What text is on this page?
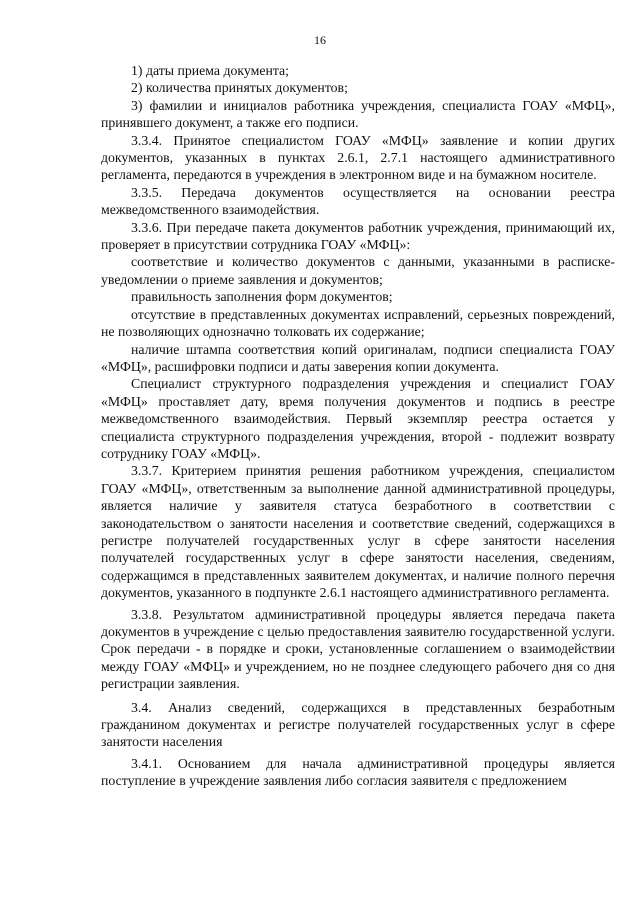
16

1) даты приема документа;

2) количества принятых документов;

3) фамилии и инициалов работника учреждения, специалиста ГОАУ «МФЦ», принявшего документ, а также его подписи.

3.3.4. Принятое специалистом ГОАУ «МФЦ» заявление и копии других документов, указанных в пунктах 2.6.1, 2.7.1 настоящего административного регламента, передаются в учреждения в электронном виде и на бумажном носителе.

3.3.5. Передача документов осуществляется на основании реестра межведомственного взаимодействия.

3.3.6. При передаче пакета документов работник учреждения, принимающий их, проверяет в присутствии сотрудника ГОАУ «МФЦ»:

соответствие и количество документов с данными, указанными в расписке-уведомлении о приеме заявления и документов;

правильность заполнения форм документов;

отсутствие в представленных документах исправлений, серьезных повреждений, не позволяющих однозначно толковать их содержание;

наличие штампа соответствия копий оригиналам, подписи специалиста ГОАУ «МФЦ», расшифровки подписи и даты заверения копии документа.

Специалист структурного подразделения учреждения и специалист ГОАУ «МФЦ» проставляет дату, время получения документов и подпись в реестре межведомственного взаимодействия. Первый экземпляр реестра остается у специалиста структурного подразделения учреждения, второй - подлежит возврату сотруднику ГОАУ «МФЦ».

3.3.7. Критерием принятия решения работником учреждения, специалистом ГОАУ «МФЦ», ответственным за выполнение данной административной процедуры, является наличие у заявителя статуса безработного в соответствии с законодательством о занятости населения и соответствие сведений, содержащихся в регистре получателей государственных услуг в сфере занятости населения получателей государственных услуг в сфере занятости населения, сведениям, содержащимся в представленных заявителем документах, и наличие полного перечня документов, указанного в подпункте 2.6.1 настоящего административного регламента.

3.3.8. Результатом административной процедуры является передача пакета документов в учреждение с целью предоставления заявителю государственной услуги. Срок передачи - в порядке и сроки, установленные соглашением о взаимодействии между ГОАУ «МФЦ» и учреждением, но не позднее следующего рабочего дня со дня регистрации заявления.

3.4. Анализ сведений, содержащихся в представленных безработным гражданином документах и регистре получателей государственных услуг в сфере занятости населения

3.4.1. Основанием для начала административной процедуры является поступление в учреждение заявления либо согласия заявителя с предложением
